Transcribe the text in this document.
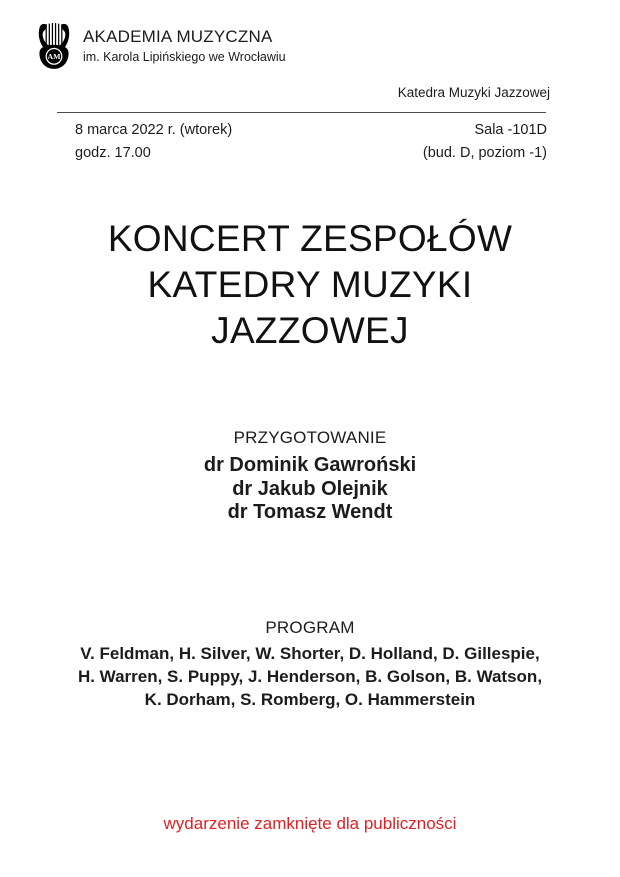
AM
AKADEMIA MUZYCZNA
im. Karola Lipińskiego we Wrocławiu
Katedra Muzyki Jazzowej
8 marca 2022 r. (wtorek)
godz. 17.00
Sala -101D
(bud. D, poziom -1)
KONCERT ZESPOŁÓW
KATEDRY MUZYKI
JAZZOWEJ
PRZYGOTOWANIE
dr Dominik Gawroński
dr Jakub Olejnik
dr Tomasz Wendt
PROGRAM
V. Feldman, H. Silver, W. Shorter, D. Holland, D. Gillespie,
H. Warren, S. Puppy, J. Henderson, B. Golson, B. Watson,
K. Dorham, S. Romberg, O. Hammerstein
wydarzenie zamknięte dla publiczności
